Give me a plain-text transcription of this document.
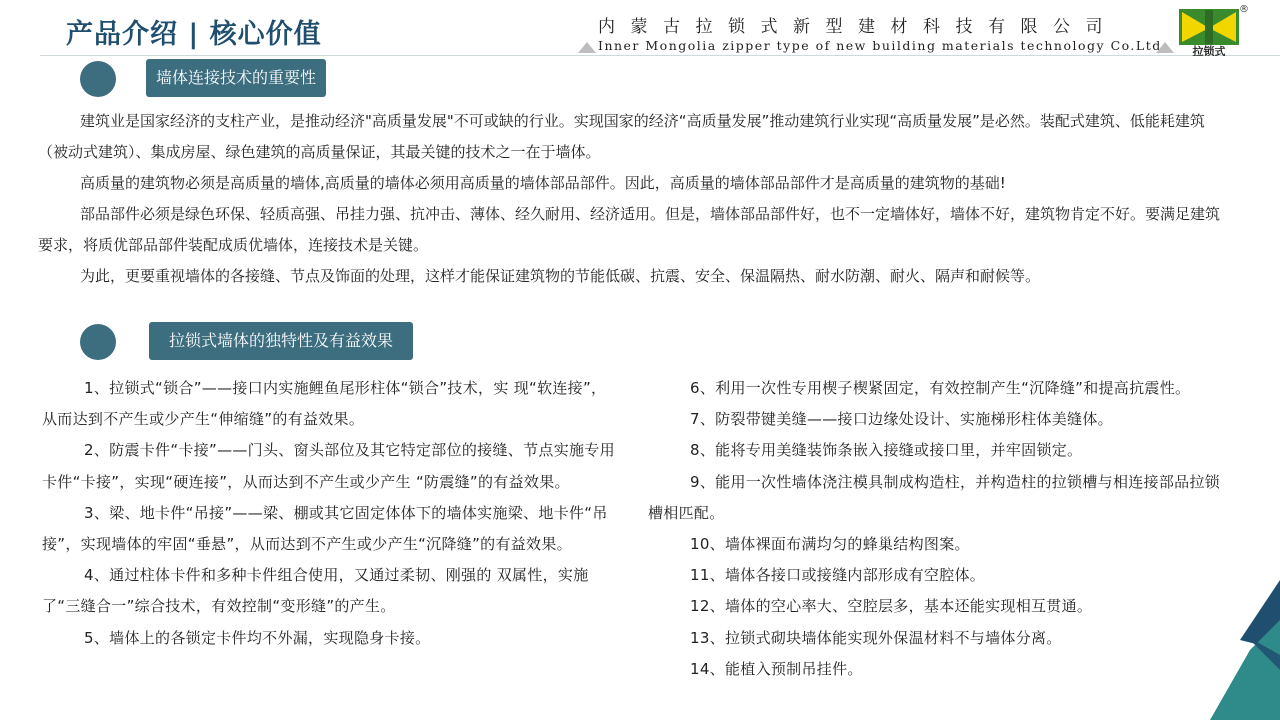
产品介绍 | 核心价值	内蒙古拉锁式新型建材科技有限公司
Inner Mongolia zipper type of new building materials technology Co.Ltd. 拉锁式
®
墙体连接技术的重要性

建筑业是国家经济的支柱产业，是推动经济"高质量发展"不可或缺的行业。实现国家的经济“高质量发展”推动建筑行业实现“高质量发展”是必然。装配式建筑、低能耗建筑（被动式建筑）、集成房屋、绿色建筑的高质量保证，其最关键的技术之一在于墙体。

高质量的建筑物必须是高质量的墙体,高质量的墙体必须用高质量的墙体部品部件。因此，高质量的墙体部品部件才是高质量的建筑物的基础!

部品部件必须是绿色环保、轻质高强、吊挂力强、抗冲击、薄体、经久耐用、经济适用。但是，墙体部品部件好，也不一定墙体好，墙体不好，建筑物肯定不好。要满足建筑要求，将质优部品部件装配成质优墙体，连接技术是关键。

为此，更要重视墙体的各接缝、节点及饰面的处理，这样才能保证建筑物的节能低碳、抗震、安全、保温隔热、耐水防潮、耐火、隔声和耐候等。

拉锁式墙体的独特性及有益效果

1、拉锁式“锁合”——接口内实施鲤鱼尾形柱体“锁合”技术，实 现“软连接”，从而达到不产生或少产生“伸缩缝”的有益效果。

2、防震卡件“卡接”——门头、窗头部位及其它特定部位的接缝、节点实施专用卡件“卡接”，实现“硬连接”，从而达到不产生或少产生 “防震缝”的有益效果。

3、梁、地卡件“吊接”——梁、棚或其它固定体体下的墙体实施梁、地卡件“吊接”，实现墙体的牢固“垂悬”，从而达到不产生或少产生“沉降缝”的有益效果。

4、通过柱体卡件和多种卡件组合使用，又通过柔韧、刚强的 双属性，实施了“三缝合一”综合技术，有效控制“变形缝”的产生。

5、墙体上的各锁定卡件均不外漏，实现隐身卡接。

6、利用一次性专用楔子楔紧固定，有效控制产生“沉降缝”和提高抗震性。

7、防裂带键美缝——接口边缘处设计、实施梯形柱体美缝体。

8、能将专用美缝装饰条嵌入接缝或接口里，并牢固锁定。

9、能用一次性墙体浇注模具制成构造柱，并构造柱的拉锁槽与相连接部品拉锁槽相匹配。

10、墙体裸面布满均匀的蜂巢结构图案。

11、墙体各接口或接缝内部形成有空腔体。

12、墙体的空心率大、空腔层多，基本还能实现相互贯通。

13、拉锁式砌块墙体能实现外保温材料不与墙体分离。

14、能植入预制吊挂件。
